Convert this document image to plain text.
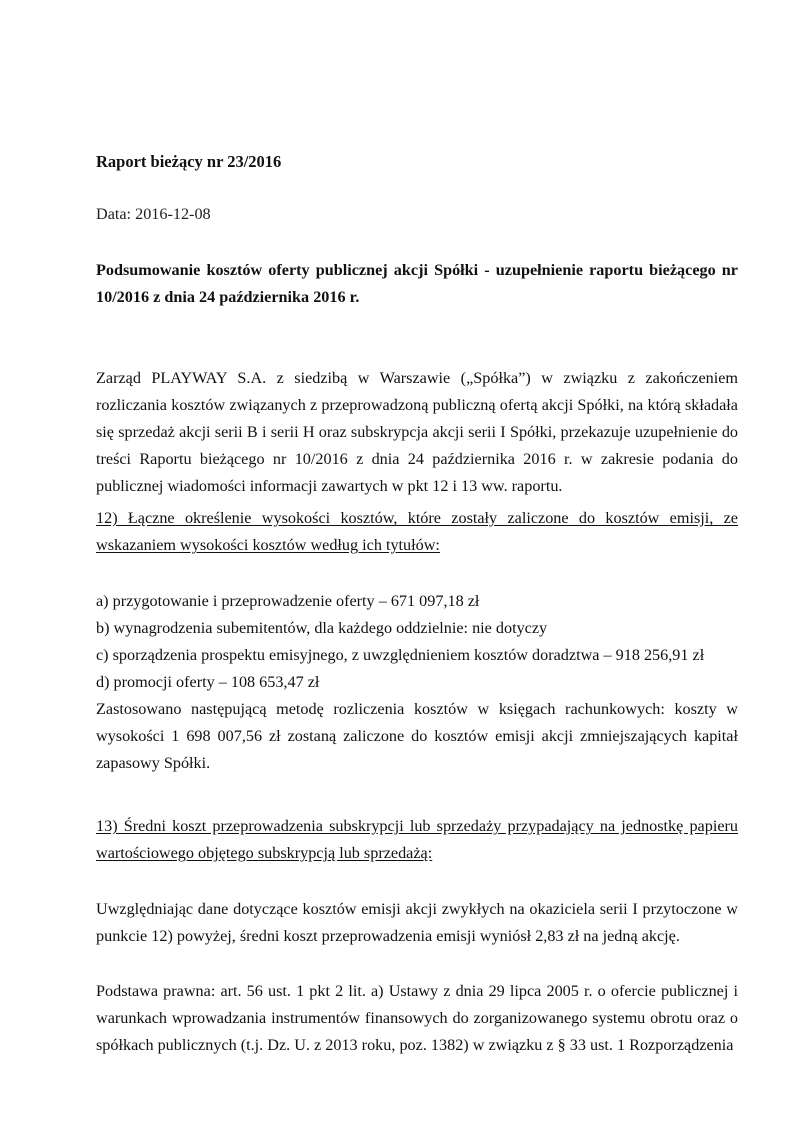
Raport bieżący nr 23/2016

Data: 2016-12-08

Podsumowanie kosztów oferty publicznej akcji Spółki - uzupełnienie raportu bieżącego nr 10/2016 z dnia 24 października 2016 r.

Zarząd PLAYWAY S.A. z siedzibą w Warszawie („Spółka”) w związku z zakończeniem rozliczania kosztów związanych z przeprowadzoną publiczną ofertą akcji Spółki, na którą składała się sprzedaż akcji serii B i serii H oraz subskrypcja akcji serii I Spółki, przekazuje uzupełnienie do treści Raportu bieżącego nr 10/2016 z dnia 24 października 2016 r. w zakresie podania do publicznej wiadomości informacji zawartych w pkt 12 i 13 ww. raportu.

12) Łączne określenie wysokości kosztów, które zostały zaliczone do kosztów emisji, ze wskazaniem wysokości kosztów według ich tytułów:

a) przygotowanie i przeprowadzenie oferty – 671 097,18 zł

b) wynagrodzenia subemitentów, dla każdego oddzielnie: nie dotyczy

c) sporządzenia prospektu emisyjnego, z uwzględnieniem kosztów doradztwa – 918 256,91 zł

d) promocji oferty – 108 653,47 zł

Zastosowano następującą metodę rozliczenia kosztów w księgach rachunkowych: koszty w wysokości 1 698 007,56 zł zostaną zaliczone do kosztów emisji akcji zmniejszających kapitał zapasowy Spółki.

13) Średni koszt przeprowadzenia subskrypcji lub sprzedaży przypadający na jednostkę papieru wartościowego objętego subskrypcją lub sprzedażą:

Uwzględniając dane dotyczące kosztów emisji akcji zwykłych na okaziciela serii I przytoczone w punkcie 12) powyżej, średni koszt przeprowadzenia emisji wyniósł 2,83 zł na jedną akcję.

Podstawa prawna: art. 56 ust. 1 pkt 2 lit. a) Ustawy z dnia 29 lipca 2005 r. o ofercie publicznej i warunkach wprowadzania instrumentów finansowych do zorganizowanego systemu obrotu oraz o spółkach publicznych (t.j. Dz. U. z 2013 roku, poz. 1382) w związku z § 33 ust. 1 Rozporządzenia
